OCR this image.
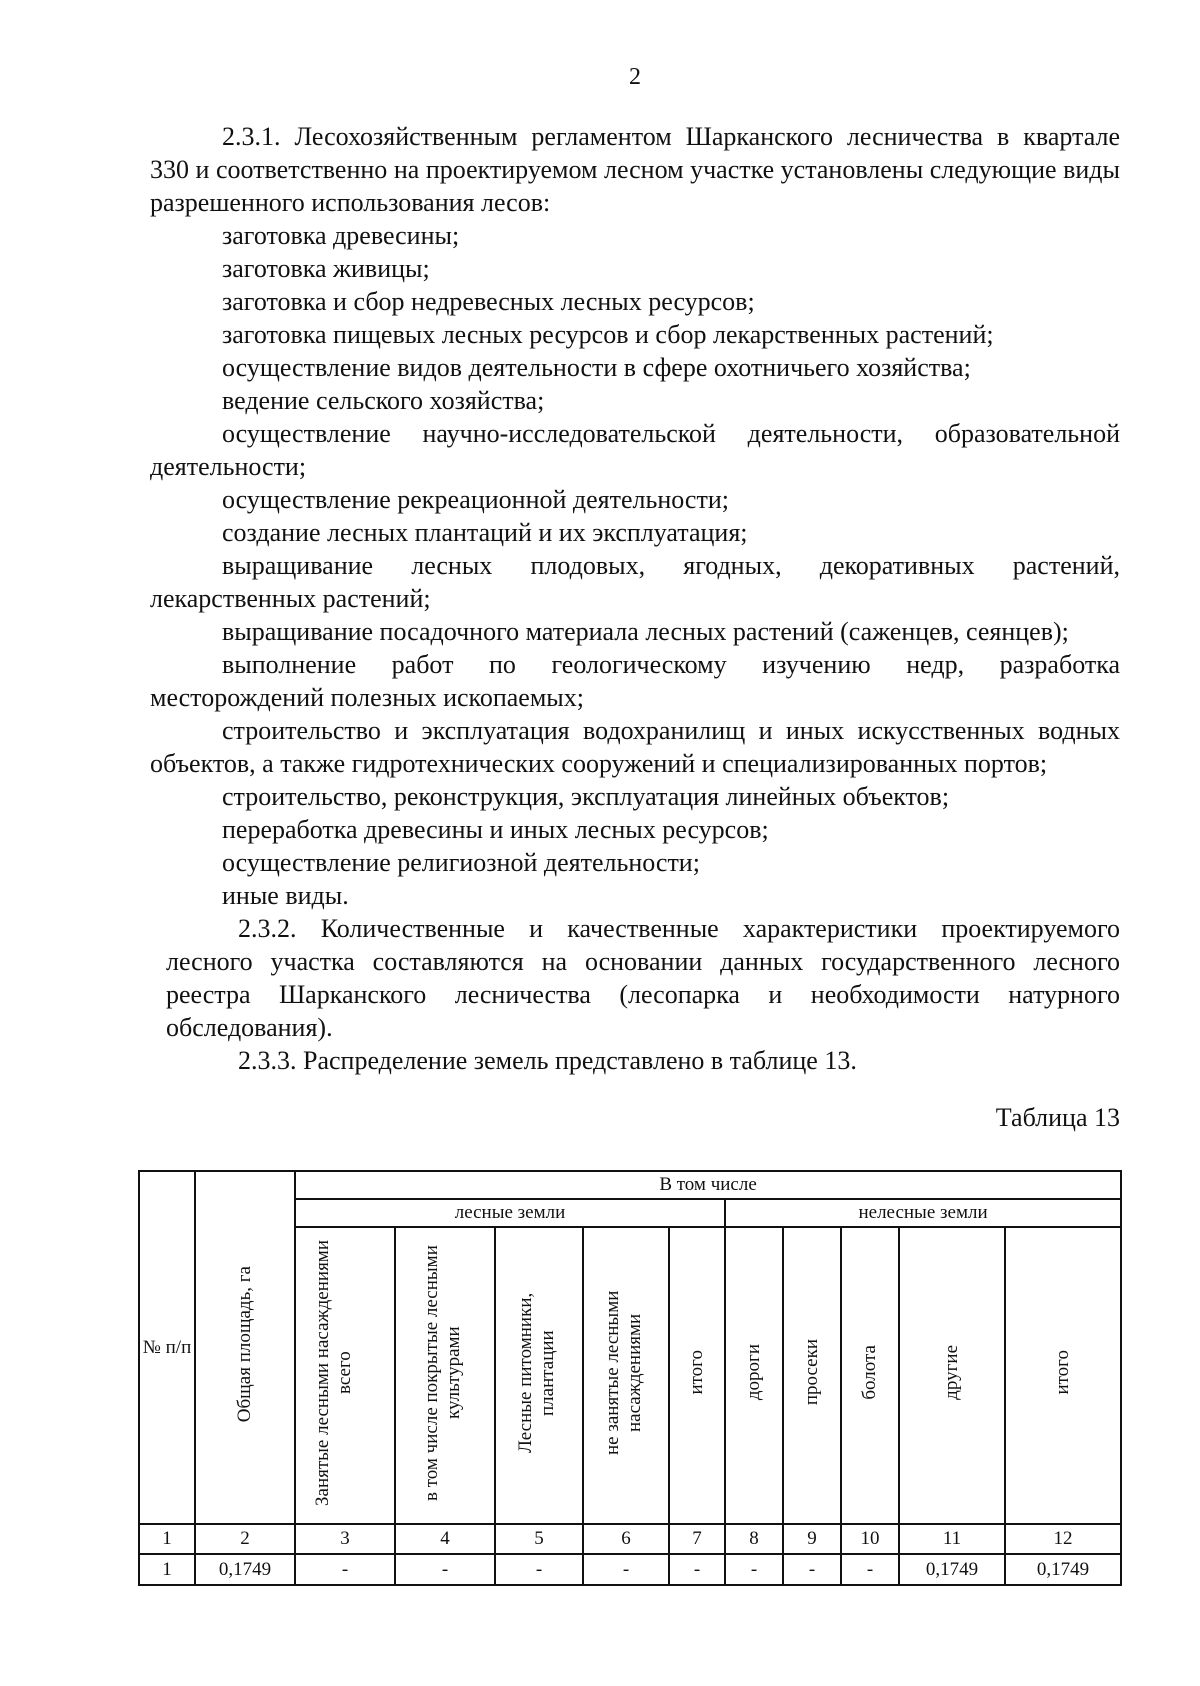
2

2.3.1. Лесохозяйственным регламентом Шарканского лесничества в квартале 330 и соответственно на проектируемом лесном участке установлены следующие виды разрешенного использования лесов:

заготовка древесины;

заготовка живицы;

заготовка и сбор недревесных лесных ресурсов;

заготовка пищевых лесных ресурсов и сбор лекарственных растений;

осуществление видов деятельности в сфере охотничьего хозяйства;

ведение сельского хозяйства;

осуществление научно-исследовательской деятельности, образовательной деятельности;

осуществление рекреационной деятельности;

создание лесных плантаций и их эксплуатация;

выращивание лесных плодовых, ягодных, декоративных растений, лекарственных растений;

выращивание посадочного материала лесных растений (саженцев, сеянцев);

выполнение работ по геологическому изучению недр, разработка месторождений полезных ископаемых;

строительство и эксплуатация водохранилищ и иных искусственных водных объектов, а также гидротехнических сооружений и специализированных портов;

строительство, реконструкция, эксплуатация линейных объектов;

переработка древесины и иных лесных ресурсов;

осуществление религиозной деятельности;

иные виды.

2.3.2. Количественные и качественные характеристики проектируемого лесного участка составляются на основании данных государственного лесного реестра Шарканского лесничества (лесопарка и необходимости натурного обследования).

2.3.3. Распределение земель представлено в таблице 13.

Таблица 13
№ п/п	Общая площадь, га	В том числе									
		лесные земли					нелесные земли				
		Занятые лесными насаждениями всего	в том числе покрытые лесными культурами	Лесные питомники, плантации	не занятые лесными насаждениями	итого	дороги	просеки	болота	другие	итого
1	2	3	4	5	6	7	8	9	10	11	12
1	0,1749	-	-	-	-	-	-	-	-	0,1749	0,1749
